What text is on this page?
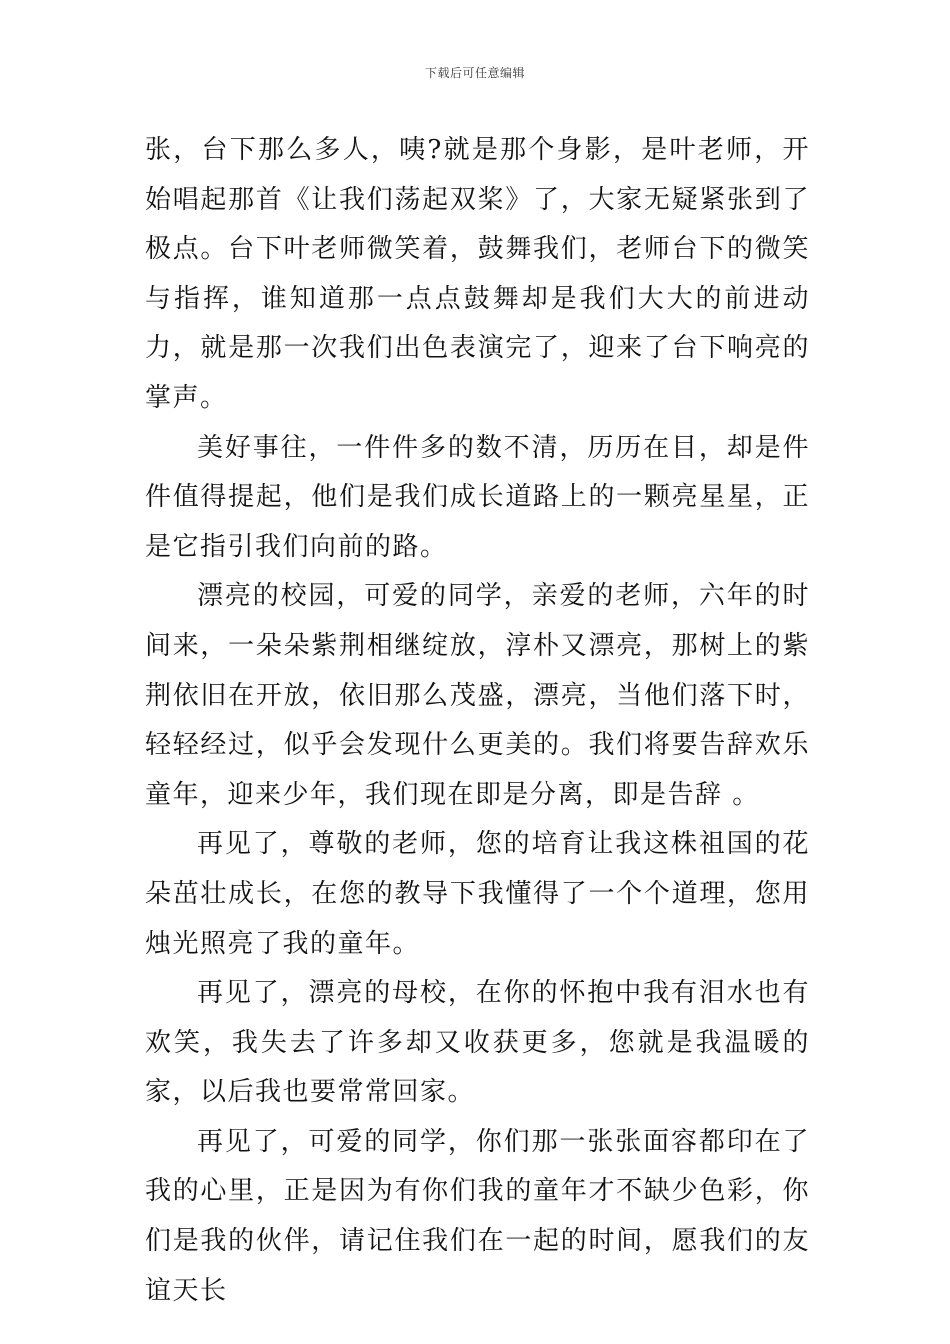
下载后可任意编辑

张，台下那么多人，咦?就是那个身影，是叶老师，开始唱起那首《让我们荡起双桨》了，大家无疑紧张到了极点。台下叶老师微笑着，鼓舞我们，老师台下的微笑与指挥，谁知道那一点点鼓舞却是我们大大的前进动力，就是那一次我们出色表演完了，迎来了台下响亮的掌声。

美好事往，一件件多的数不清，历历在目，却是件件值得提起，他们是我们成长道路上的一颗亮星星，正是它指引我们向前的路。

漂亮的校园，可爱的同学，亲爱的老师，六年的时间来，一朵朵紫荆相继绽放，淳朴又漂亮，那树上的紫荆依旧在开放，依旧那么茂盛，漂亮，当他们落下时，轻轻经过，似乎会发现什么更美的。我们将要告辞欢乐童年，迎来少年，我们现在即是分离，即是告辞 。

再见了，尊敬的老师，您的培育让我这株祖国的花朵茁壮成长，在您的教导下我懂得了一个个道理，您用烛光照亮了我的童年。

再见了，漂亮的母校，在你的怀抱中我有泪水也有欢笑，我失去了许多却又收获更多，您就是我温暖的家，以后我也要常常回家。

再见了，可爱的同学，你们那一张张面容都印在了我的心里，正是因为有你们我的童年才不缺少色彩，你们是我的伙伴，请记住我们在一起的时间，愿我们的友谊天长
